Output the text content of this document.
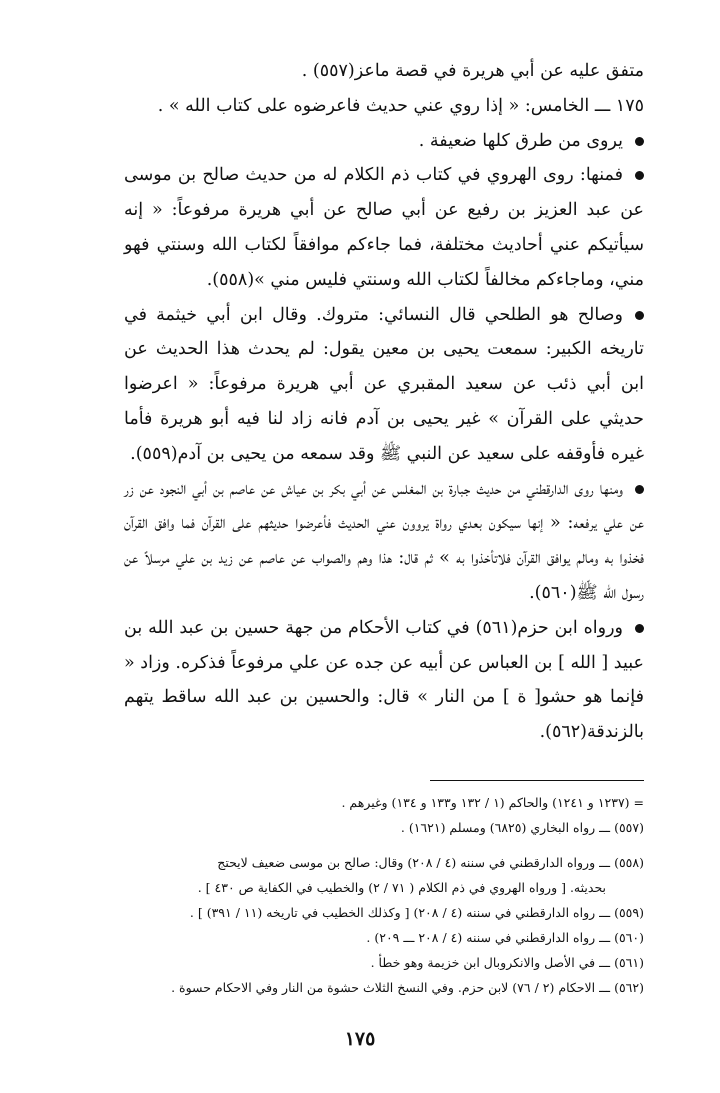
متفق عليه عن أبي هريرة في قصة ماعز(٥٥٧) .

١٧٥ ـــ الخامس: « إذا روي عني حديث فاعرضوه على كتاب الله » .

يروى من طرق كلها ضعيفة .

فمنها: روى الهروي في كتاب ذم الكلام له من حديث صالح بن موسى عن عبد العزيز بن رفيع عن أبي صالح عن أبي هريرة مرفوعاً: « إنه سيأتيكم عني أحاديث مختلفة، فما جاءكم موافقاً لكتاب الله وسنتي فهو مني، وماجاءكم مخالفاً لكتاب الله وسنتي فليس مني »(٥٥٨).

وصالح هو الطلحي قال النسائي: متروك. وقال ابن أبي خيثمة في تاريخه الكبير: سمعت يحيى بن معين يقول: لم يحدث هذا الحديث عن ابن أبي ذئب عن سعيد المقبري عن أبي هريرة مرفوعاً: « اعرضوا حديثي على القرآن » غير يحيى بن آدم فانه زاد لنا فيه أبو هريرة فأما غيره فأوقفه على سعيد عن النبي ﷺ وقد سمعه من يحيى بن آدم(٥٥٩).

ومنها روى الدارقطني من حديث جبارة بن المغلس عن أبي بكر بن عياش عن عاصم بن أبي النجود عن زر عن علي يرفعه: « إنها سيكون بعدي رواة يروون عني الحديث فأعرضوا حديثهم على القرآن فما وافق القرآن فخذوا به ومالم يوافق القرآن فلاتأخذوا به » ثم قال: هذا وهم والصواب عن عاصم عن زيد بن علي مرسلاً عن رسول الله ﷺ(٥٦٠).

ورواه ابن حزم(٥٦١) في كتاب الأحكام من جهة حسين بن عبد الله بن عبيد [ الله ] بن العباس عن أبيه عن جده عن علي مرفوعاً فذكره. وزاد « فإنما هو حشو[ ة ] من النار » قال: والحسين بن عبد الله ساقط يتهم بالزندقة(٥٦٢).

= (١٢٣٧ و ١٢٤١) والحاكم (١ / ١٣٢ و١٣٣ و ١٣٤) وغيرهم .

(٥٥٧) ـــ رواه البخاري (٦٨٢٥) ومسلم (١٦٢١) .

(٥٥٨) ـــ ورواه الدارقطني في سننه (٤ / ٢٠٨) وقال: صالح بن موسى ضعيف لايحتج

بحديثه. [ ورواه الهروي في ذم الكلام ( ٧١ / ٢) والخطيب في الكفاية ص ٤٣٠ ] .

(٥٥٩) ـــ رواه الدارقطني في سننه (٤ / ٢٠٨) [ وكذلك الخطيب في تاريخه (١١ / ٣٩١) ] .

(٥٦٠) ـــ رواه الدارقطني في سننه (٤ / ٢٠٨ ـــ ٢٠٩) .

(٥٦١) ـــ في الأصل والانكروبال ابن خزيمة وهو خطأ .

(٥٦٢) ـــ الاحكام (٢ / ٧٦) لابن حزم. وفي النسخ الثلاث حشوة من النار وفي الاحكام حسوة .

١٧٥
